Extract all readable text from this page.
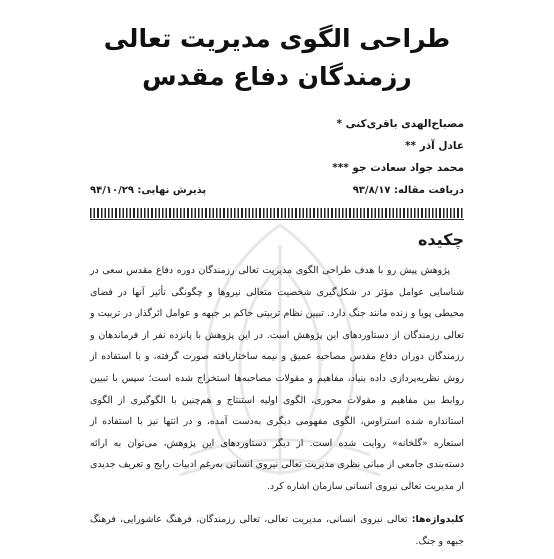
طراحی الگوی مدیریت تعالی
رزمندگان دفاع مقدس
مصباح‌الهدی باقری‌کنی *
عادل آذر **
محمد جواد سعادت جو ***
دریافت مقاله: ۹۳/۸/۱۷
پذیرش نهایی: ۹۴/۱۰/۲۹
چکیده
پژوهش پیش رو با هدف طراحی الگوی مدیریت تعالی رزمندگان دوره دفاع مقدس سعی در شناسایی عوامل مؤثر در شکل‌گیری شخصیت متعالی نیروها و چگونگی تأثیر آنها در فضای محیطی پویا و زنده مانند جنگ دارد. تبیین نظام تربیتی حاکم بر جبهه و عوامل اثرگذار در تربیت و تعالی رزمندگان از دستاوردهای این پژوهش است. در این پژوهش با پانزده نفر از فرماندهان و رزمندگان دوران دفاع مقدس مصاحبه عمیق و نیمه ساختاریافته صورت گرفته، و با استفاده از روش نظریه‌پردازی داده بنیاد، مفاهیم و مقولات مصاحبه‌ها استخراج شده است؛ سپس با تبیین روابط بین مفاهیم و مقولات محوری، الگوی اولیه استنتاج و هم‌چنین با الگوگیری از الگوی استانداره شده استراوس، الگوی مفهومی دیگری به‌دست آمده، و در انتها نیز با استفاده از استعاره «گلخانه» روایت شده است. از دیگر دستاوردهای این پژوهش، می‌توان به ارائه دسته‌بندی جامعی از مبانی نظری مدیریت تعالی نیروی انسانی به‌رغم ادبیات رایج و تعریف جدیدی از مدیریت تعالی نیروی انسانی سازمان اشاره کرد.
کلیدواژه‌ها: تعالی نیروی انسانی، مدیریت تعالی، تعالی رزمندگان، فرهنگ عاشورایی، فرهنگ جبهه و جنگ.
